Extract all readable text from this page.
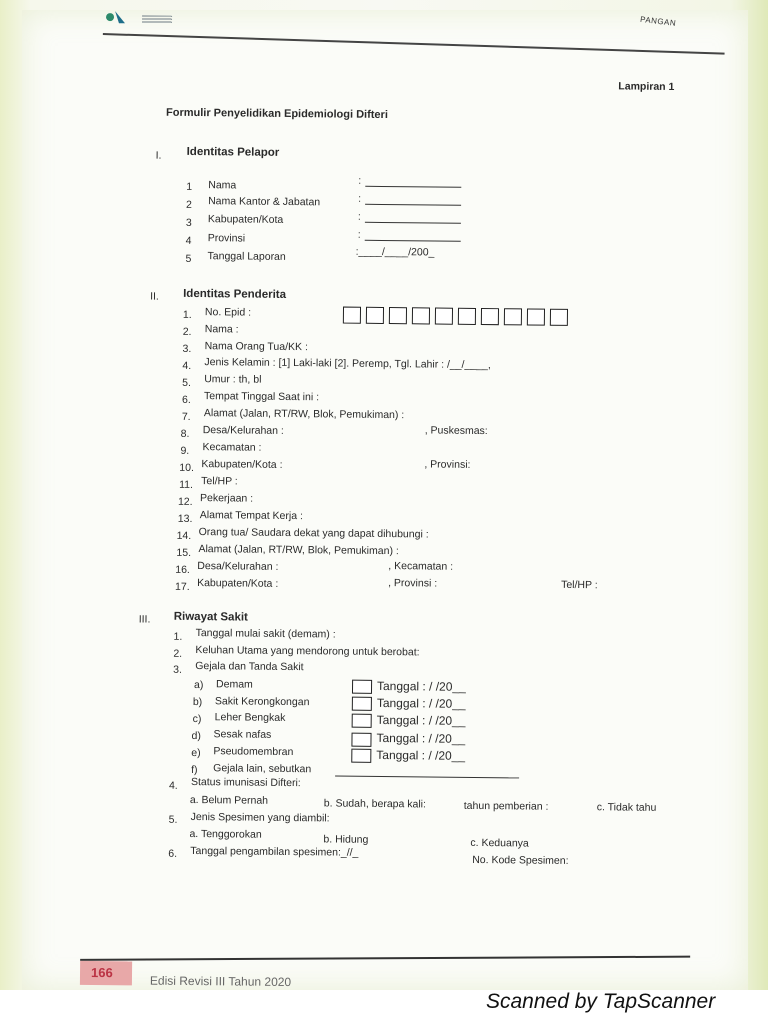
PANGAN
Lampiran 1
Formulir Penyelidikan Epidemiologi Difteri
I. Identitas Pelapor
1 Nama	:
2 Nama Kantor & Jabatan	:
3 Kabupaten/Kota	:
4 Provinsi	:
5 Tanggal Laporan	:____/____/200_
II. Identitas Penderita
1. No. Epid :
2. Nama :
3. Nama Orang Tua/KK :
4. Jenis Kelamin : [1] Laki-laki [2]. Peremp, Tgl. Lahir : /__/____,
5. Umur : th, bl
6. Tempat Tinggal Saat ini :
7. Alamat (Jalan, RT/RW, Blok, Pemukiman) :
8. Desa/Kelurahan :	, Puskesmas:
9. Kecamatan :
10. Kabupaten/Kota :	, Provinsi:
11. Tel/HP :
12. Pekerjaan :
13. Alamat Tempat Kerja :
14. Orang tua/ Saudara dekat yang dapat dihubungi :
15. Alamat (Jalan, RT/RW, Blok, Pemukiman) :
16. Desa/Kelurahan :	, Kecamatan :
17. Kabupaten/Kota :	, Provinsi :	Tel/HP :
III. Riwayat Sakit
1. Tanggal mulai sakit (demam) :
2. Keluhan Utama yang mendorong untuk berobat:
3. Gejala dan Tanda Sakit
a) Demam	Tanggal : / /20__
b) Sakit Kerongkongan	Tanggal : / /20__
c) Leher Bengkak	Tanggal : / /20__
d) Sesak nafas	Tanggal : / /20__
e) Pseudomembran	Tanggal : / /20__
f) Gejala lain, sebutkan
4. Status imunisasi Difteri:
a. Belum Pernah	b. Sudah, berapa kali:	tahun pemberian :	c. Tidak tahu
5. Jenis Spesimen yang diambil:
a. Tenggorokan	b. Hidung	c. Keduanya
6. Tanggal pengambilan spesimen:_//_
No. Kode Spesimen:
166
Edisi Revisi III Tahun 2020
Scanned by TapScanner
